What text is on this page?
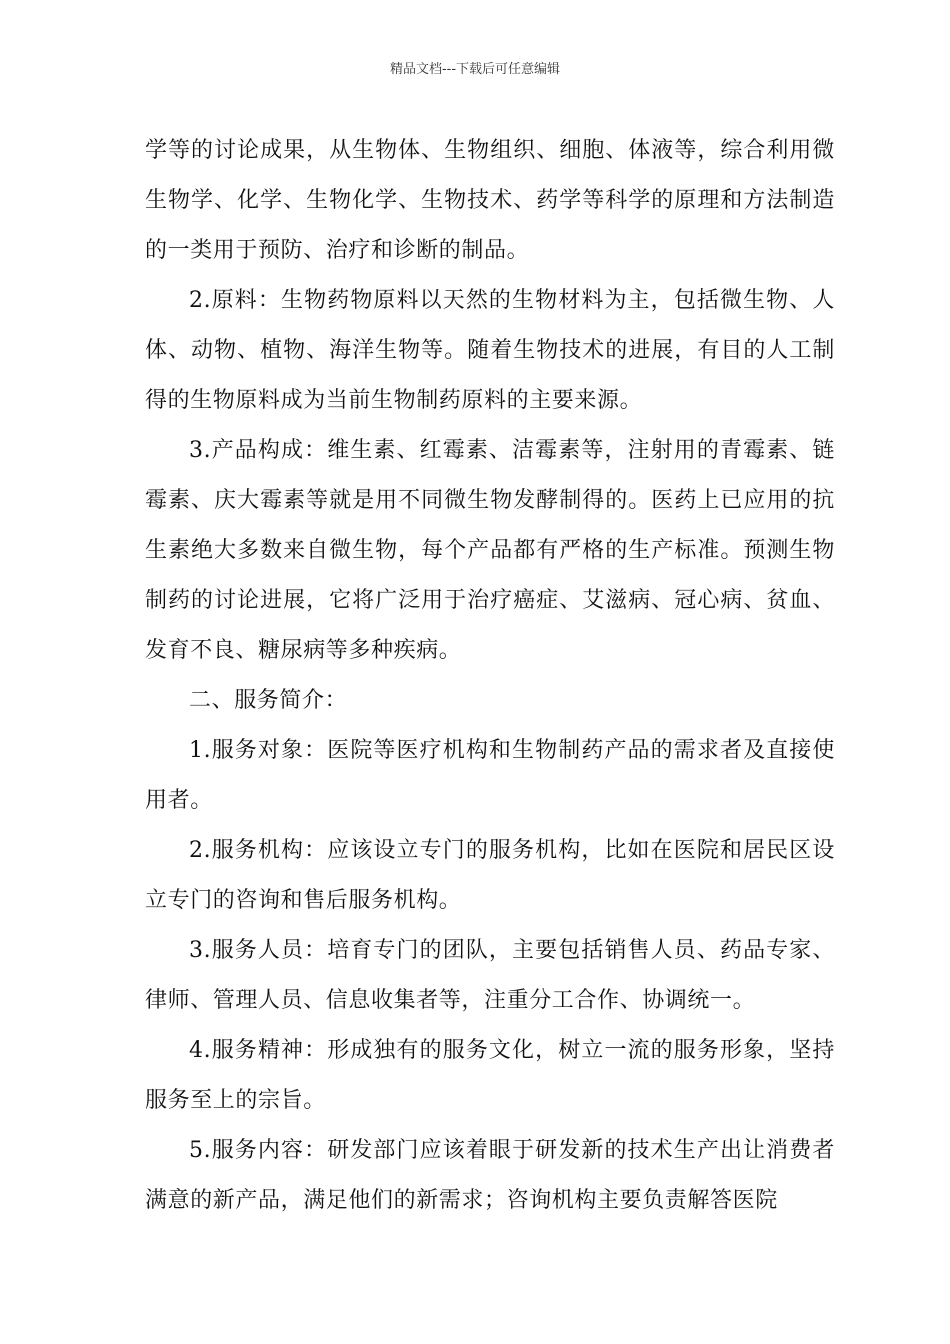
精品文档---下载后可任意编辑

学等的讨论成果，从生物体、生物组织、细胞、体液等，综合利用微生物学、化学、生物化学、生物技术、药学等科学的原理和方法制造的一类用于预防、治疗和诊断的制品。

2.原料：生物药物原料以天然的生物材料为主，包括微生物、人体、动物、植物、海洋生物等。随着生物技术的进展，有目的人工制得的生物原料成为当前生物制药原料的主要来源。

3.产品构成：维生素、红霉素、洁霉素等，注射用的青霉素、链霉素、庆大霉素等就是用不同微生物发酵制得的。医药上已应用的抗生素绝大多数来自微生物，每个产品都有严格的生产标准。预测生物制药的讨论进展，它将广泛用于治疗癌症、艾滋病、冠心病、贫血、发育不良、糖尿病等多种疾病。

二、服务简介：

1.服务对象：医院等医疗机构和生物制药产品的需求者及直接使用者。

2.服务机构：应该设立专门的服务机构，比如在医院和居民区设立专门的咨询和售后服务机构。

3.服务人员：培育专门的团队，主要包括销售人员、药品专家、律师、管理人员、信息收集者等，注重分工合作、协调统一。

4.服务精神：形成独有的服务文化，树立一流的服务形象，坚持服务至上的宗旨。

5.服务内容：研发部门应该着眼于研发新的技术生产出让消费者满意的新产品，满足他们的新需求；咨询机构主要负责解答医院
